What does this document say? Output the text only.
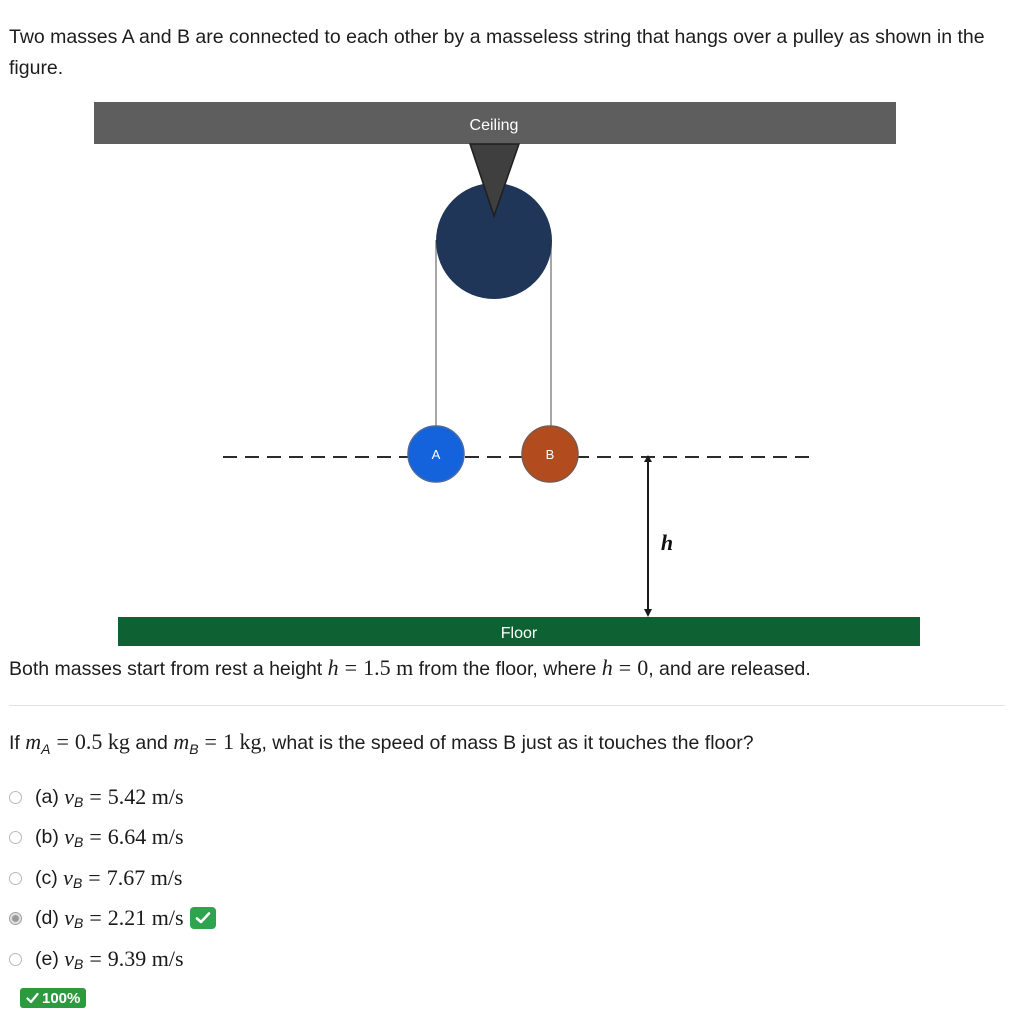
Two masses A and B are connected to each other by a masseless string that hangs over a pulley as shown in the figure.
Ceiling
A	B
h
Floor
Both masses start from rest a height h = 1.5 m from the floor, where h = 0, and are released.
If $m_A = 0.5$ kg and $m_B = 1$ kg, what is the speed of mass B just as it touches the floor?
(a)
v B = 5.42 m/s
(b)
v B = 6.64 m/s
(c)
v B = 7.67 m/s
(d)
v B = 2.21 m/s
(e)
v B = 9.39 m/s
100%
